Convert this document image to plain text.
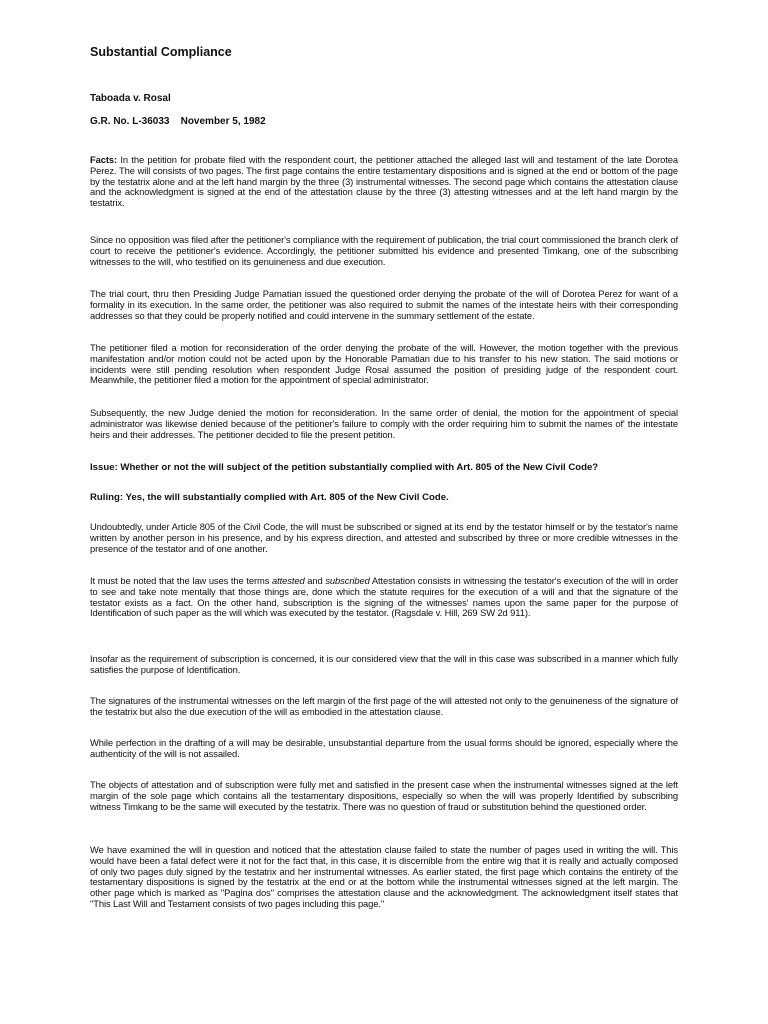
Substantial Compliance
Taboada v. Rosal
G.R. No. L-36033 November 5, 1982

Facts: In the petition for probate filed with the respondent court, the petitioner attached the alleged last will and testament of the late Dorotea Perez. The will consists of two pages. The first page contains the entire testamentary dispositions and is signed at the end or bottom of the page by the testatrix alone and at the left hand margin by the three (3) instrumental witnesses. The second page which contains the attestation clause and the acknowledgment is signed at the end of the attestation clause by the three (3) attesting witnesses and at the left hand margin by the testatrix.

Since no opposition was filed after the petitioner's compliance with the requirement of publication, the trial court commissioned the branch clerk of court to receive the petitioner's evidence. Accordingly, the petitioner submitted his evidence and presented Timkang, one of the subscribing witnesses to the will, who testified on its genuineness and due execution.

The trial court, thru then Presiding Judge Pamatian issued the questioned order denying the probate of the will of Dorotea Perez for want of a formality in its execution. In the same order, the petitioner was also required to submit the names of the intestate heirs with their corresponding addresses so that they could be properly notified and could intervene in the summary settlement of the estate.

The petitioner filed a motion for reconsideration of the order denying the probate of the will. However, the motion together with the previous manifestation and/or motion could not be acted upon by the Honorable Pamatian due to his transfer to his new station. The said motions or incidents were still pending resolution when respondent Judge Rosal assumed the position of presiding judge of the respondent court. Meanwhile, the petitioner filed a motion for the appointment of special administrator.

Subsequently, the new Judge denied the motion for reconsideration. In the same order of denial, the motion for the appointment of special administrator was likewise denied because of the petitioner's failure to comply with the order requiring him to submit the names of' the intestate heirs and their addresses. The petitioner decided to file the present petition.

Issue: Whether or not the will subject of the petition substantially complied with Art. 805 of the New Civil Code?

Ruling: Yes, the will substantially complied with Art. 805 of the New Civil Code.

Undoubtedly, under Article 805 of the Civil Code, the will must be subscribed or signed at its end by the testator himself or by the testator's name written by another person in his presence, and by his express direction, and attested and subscribed by three or more credible witnesses in the presence of the testator and of one another.

It must be noted that the law uses the terms attested and subscribed Attestation consists in witnessing the testator's execution of the will in order to see and take note mentally that those things are, done which the statute requires for the execution of a will and that the signature of the testator exists as a fact. On the other hand, subscription is the signing of the witnesses' names upon the same paper for the purpose of Identification of such paper as the will which was executed by the testator. (Ragsdale v. Hill, 269 SW 2d 911).

Insofar as the requirement of subscription is concerned, it is our considered view that the will in this case was subscribed in a manner which fully satisfies the purpose of Identification.

The signatures of the instrumental witnesses on the left margin of the first page of the will attested not only to the genuineness of the signature of the testatrix but also the due execution of the will as embodied in the attestation clause.

While perfection in the drafting of a will may be desirable, unsubstantial departure from the usual forms should be ignored, especially where the authenticity of the will is not assailed.

The objects of attestation and of subscription were fully met and satisfied in the present case when the instrumental witnesses signed at the left margin of the sole page which contains all the testamentary dispositions, especially so when the will was properly Identified by subscribing witness Timkang to be the same will executed by the testatrix. There was no question of fraud or substitution behind the questioned order.

We have examined the will in question and noticed that the attestation clause failed to state the number of pages used in writing the will. This would have been a fatal defect were it not for the fact that, in this case, it is discernible from the entire wig that it is really and actually composed of only two pages duly signed by the testatrix and her instrumental witnesses. As earlier stated, the first page which contains the entirety of the testamentary dispositions is signed by the testatrix at the end or at the bottom while the instrumental witnesses signed at the left margin. The other page which is marked as "Pagina dos" comprises the attestation clause and the acknowledgment. The acknowledgment itself states that "This Last Will and Testament consists of two pages including this page."
